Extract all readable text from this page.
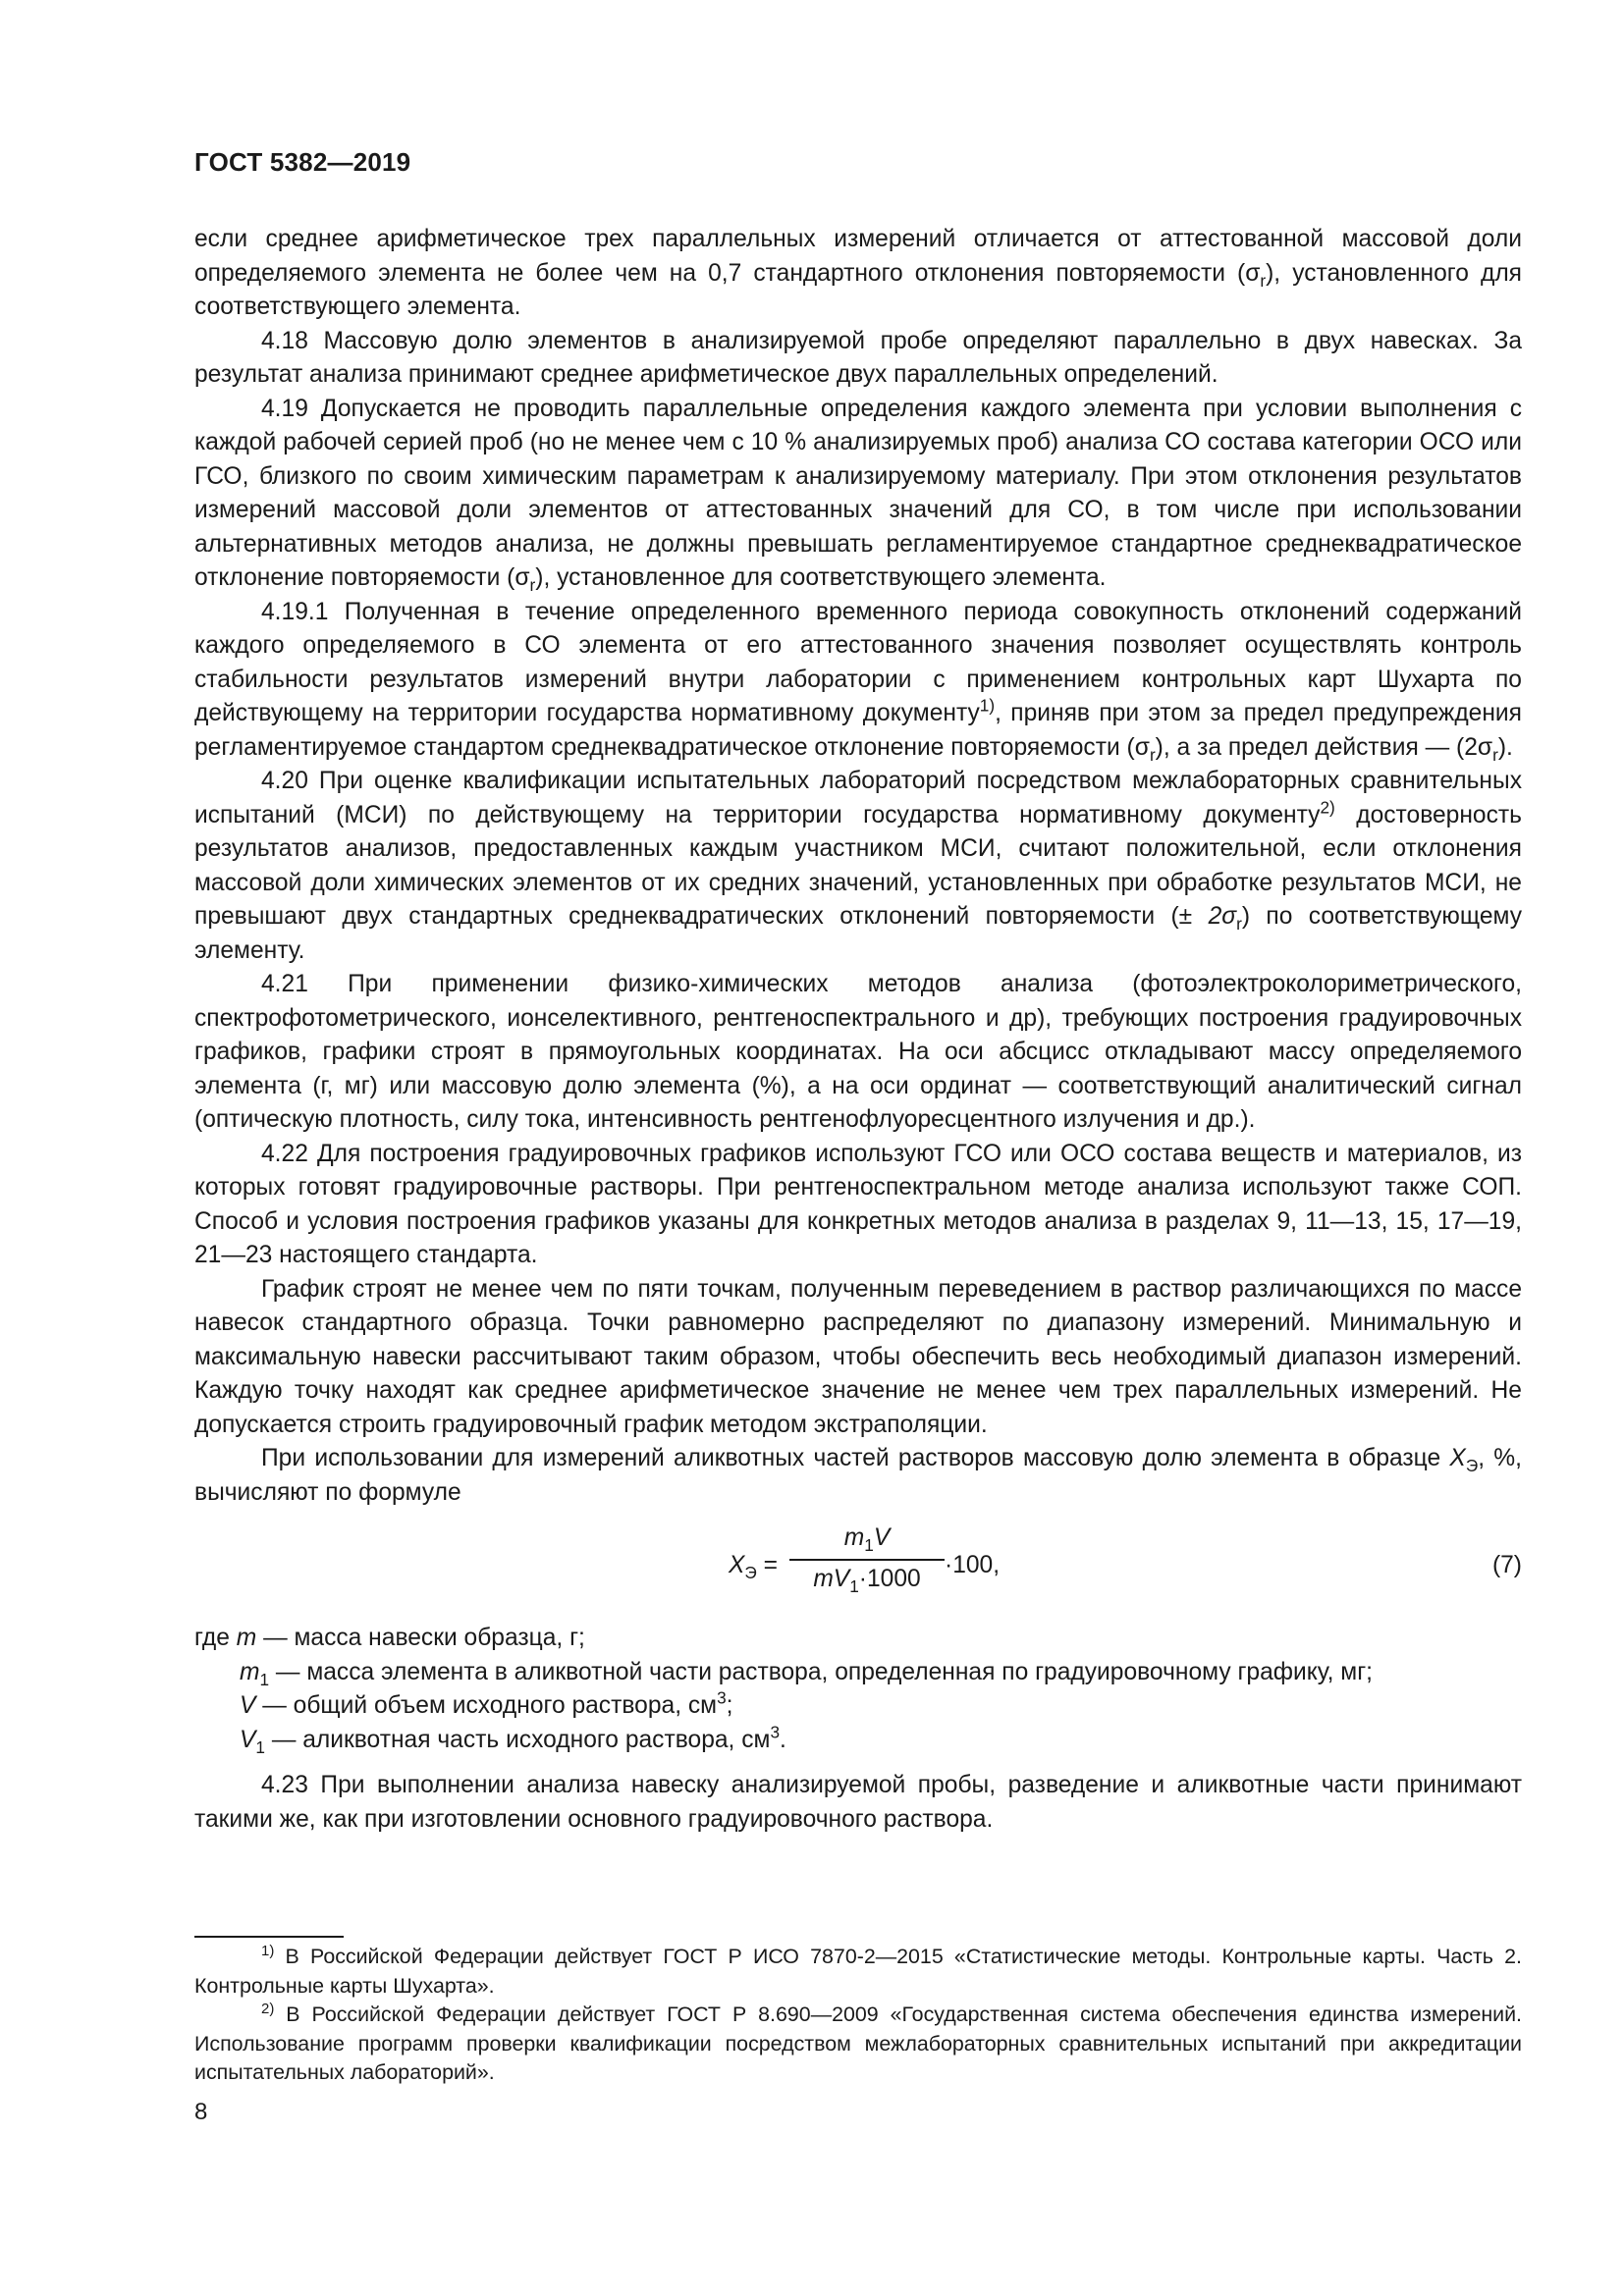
ГОСТ 5382—2019

если среднее арифметическое трех параллельных измерений отличается от аттестованной массовой доли определяемого элемента не более чем на 0,7 стандартного отклонения повторяемости $(\sigma_r)$, установленного для соответствующего элемента.

4.18 Массовую долю элементов в анализируемой пробе определяют параллельно в двух навесках. За результат анализа принимают среднее арифметическое двух параллельных определений.

4.19 Допускается не проводить параллельные определения каждого элемента при условии выполнения с каждой рабочей серией проб (но не менее чем с 10 % анализируемых проб) анализа СО состава категории ОСО или ГСО, близкого по своим химическим параметрам к анализируемому материалу. При этом отклонения результатов измерений массовой доли элементов от аттестованных значений для СО, в том числе при использовании альтернативных методов анализа, не должны превышать регламентируемое стандартное среднеквадратическое отклонение повторяемости $(\sigma_r)$, установленное для соответствующего элемента.

4.19.1 Полученная в течение определенного временного периода совокупность отклонений содержаний каждого определяемого в СО элемента от его аттестованного значения позволяет осуществлять контроль стабильности результатов измерений внутри лаборатории с применением контрольных карт Шухарта по действующему на территории государства нормативному документу$^{1)}$, приняв при этом за предел предупреждения регламентируемое стандартом среднеквадратическое отклонение повторяемости $(\sigma_r)$, а за предел действия — $(2\sigma_r)$.

4.20 При оценке квалификации испытательных лабораторий посредством межлабораторных сравнительных испытаний (МСИ) по действующему на территории государства нормативному документу$^{2)}$ достоверность результатов анализов, предоставленных каждым участником МСИ, считают положительной, если отклонения массовой доли химических элементов от их средних значений, установленных при обработке результатов МСИ, не превышают двух стандартных среднеквадратических отклонений повторяемости (± $2\sigma_r$) по соответствующему элементу.

4.21 При применении физико-химических методов анализа (фотоэлектроколориметрического, спектрофотометрического, ионселективного, рентгеноспектрального и др), требующих построения градуировочных графиков, графики строят в прямоугольных координатах. На оси абсцисс откладывают массу определяемого элемента (г, мг) или массовую долю элемента (%), а на оси ординат — соответствующий аналитический сигнал (оптическую плотность, силу тока, интенсивность рентгенофлуоресцентного излучения и др.).

4.22 Для построения градуировочных графиков используют ГСО или ОСО состава веществ и материалов, из которых готовят градуировочные растворы. При рентгеноспектральном методе анализа используют также СОП. Способ и условия построения графиков указаны для конкретных методов анализа в разделах 9, 11—13, 15, 17—19, 21—23 настоящего стандарта.

График строят не менее чем по пяти точкам, полученным переведением в раствор различающихся по массе навесок стандартного образца. Точки равномерно распределяют по диапазону измерений. Минимальную и максимальную навески рассчитывают таким образом, чтобы обеспечить весь необходимый диапазон измерений. Каждую точку находят как среднее арифметическое значение не менее чем трех параллельных измерений. Не допускается строить градуировочный график методом экстраполяции.

При использовании для измерений аликвотных частей растворов массовую долю элемента в образце $X_Э$, %, вычисляют по формуле

$X_Э = \frac{m_1V}{mV_1\cdot 1000} \cdot 100$,	(7)

где m — масса навески образца, г;

$m_1$ — масса элемента в аликвотной части раствора, определенная по градуировочному графику, мг;

V — общий объем исходного раствора, $см^3$;

$V_1$ — аликвотная часть исходного раствора, $см^3$.

4.23 При выполнении анализа навеску анализируемой пробы, разведение и аликвотные части принимают такими же, как при изготовлении основного градуировочного раствора.

$^{1)}$ В Российской Федерации действует ГОСТ Р ИСО 7870-2—2015 «Статистические методы. Контрольные карты. Часть 2. Контрольные карты Шухарта».

$^{2)}$ В Российской Федерации действует ГОСТ Р 8.690—2009 «Государственная система обеспечения единства измерений. Использование программ проверки квалификации посредством межлабораторных сравнительных испытаний при аккредитации испытательных лабораторий».

8
